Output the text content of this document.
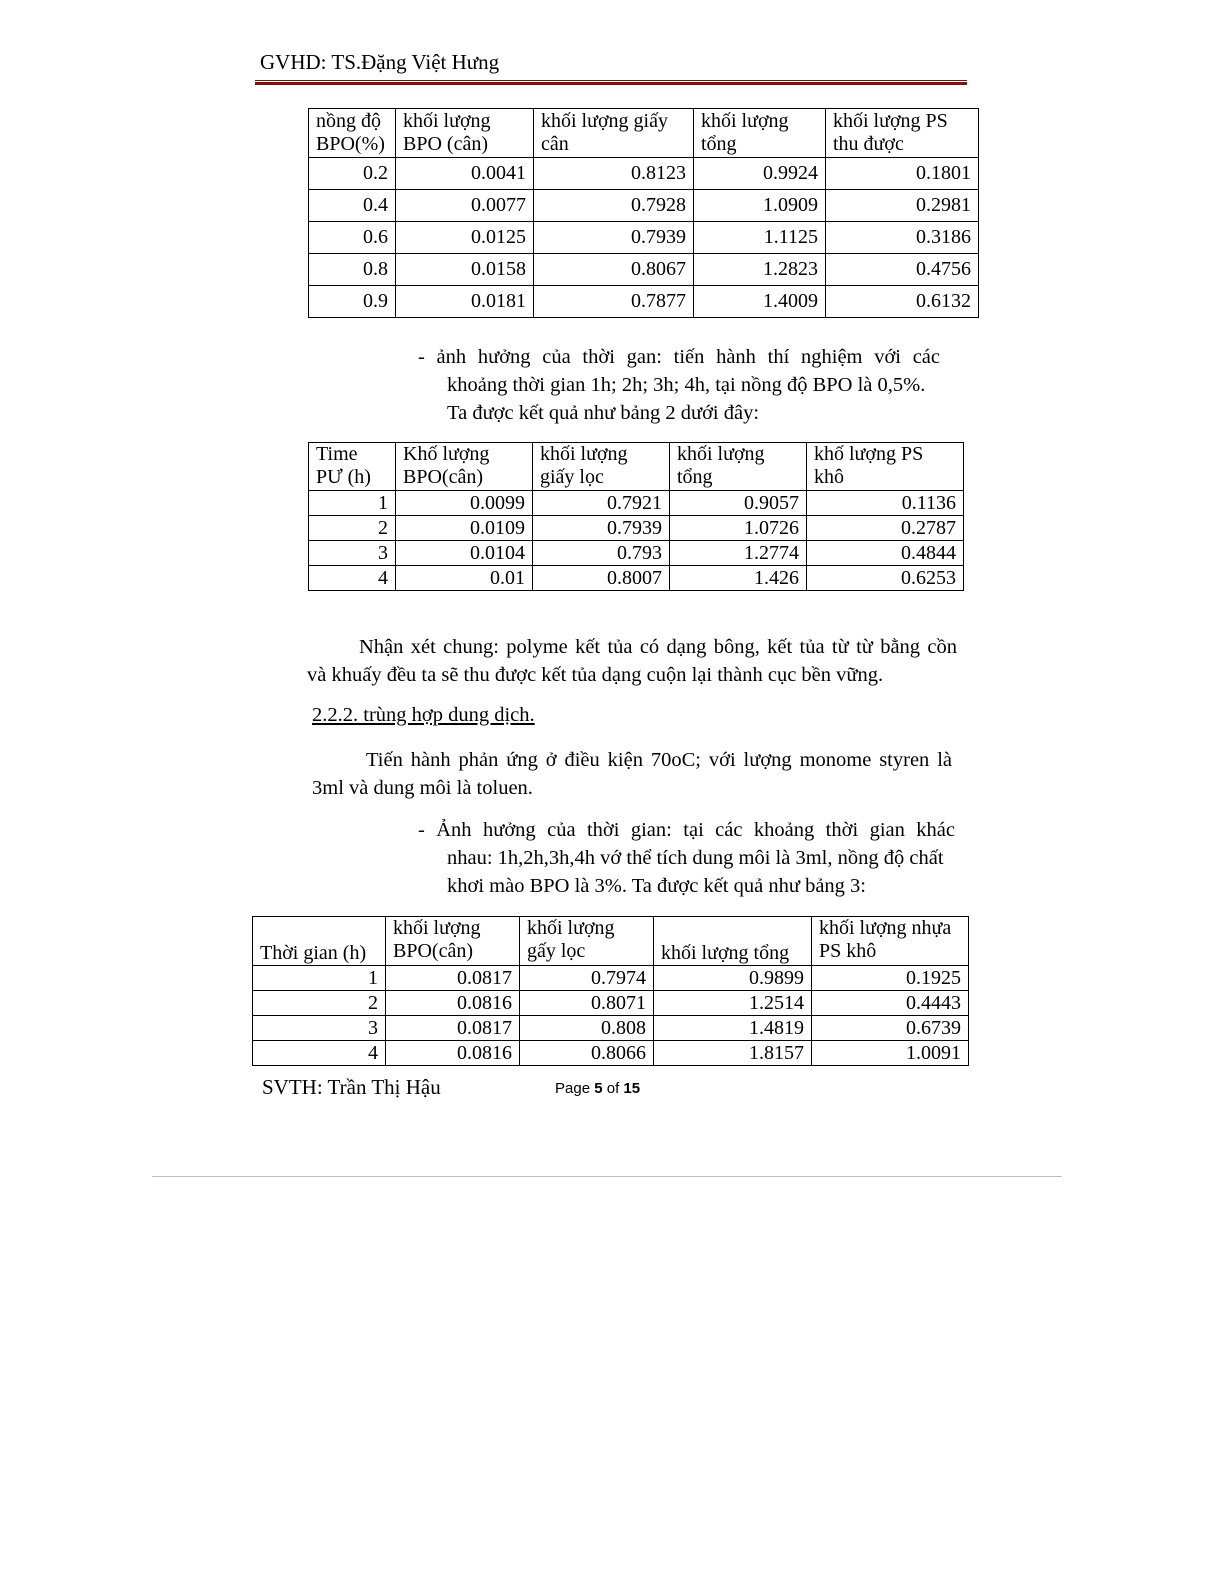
GVHD: TS.Đặng Việt Hưng
nồng độ BPO(%)	khối lượng BPO (cân)	khối lượng giấy cân	khối lượng tổng	khối lượng PS thu được
0.2	0.0041	0.8123	0.9924	0.1801
0.4	0.0077	0.7928	1.0909	0.2981
0.6	0.0125	0.7939	1.1125	0.3186
0.8	0.0158	0.8067	1.2823	0.4756
0.9	0.0181	0.7877	1.4009	0.6132
- ảnh hưởng của thời gan: tiến hành thí nghiệm với các
khoảng thời gian 1h; 2h; 3h; 4h, tại nồng độ BPO là 0,5%.
Ta được kết quả như bảng 2 dưới đây:
Time PƯ (h)	Khố lượng BPO(cân)	khối lượng giấy lọc	khối lượng tổng	khố lượng PS khô
1	0.0099	0.7921	0.9057	0.1136
2	0.0109	0.7939	1.0726	0.2787
3	0.0104	0.793	1.2774	0.4844
4	0.01	0.8007	1.426	0.6253
Nhận xét chung: polyme kết tủa có dạng bông, kết tủa từ từ bằng cồn
và khuấy đều ta sẽ thu được kết tủa dạng cuộn lại thành cục bền vững.
2.2.2. trùng hợp dung dịch.
Tiến hành phản ứng ở điều kiện 70oC; với lượng monome styren là
3ml và dung môi là toluen.
- Ảnh hưởng của thời gian: tại các khoảng thời gian khác
nhau: 1h,2h,3h,4h vớ thể tích dung môi là 3ml, nồng độ chất
khơi mào BPO là 3%. Ta được kết quả như bảng 3:
Thời gian (h)	khối lượng BPO(cân)	khối lượng gấy lọc	khối lượng tổng	khối lượng nhựa PS khô
1	0.0817	0.7974	0.9899	0.1925
2	0.0816	0.8071	1.2514	0.4443
3	0.0817	0.808	1.4819	0.6739
4	0.0816	0.8066	1.8157	1.0091
SVTH: Trần Thị Hậu	Page 5 of 15
